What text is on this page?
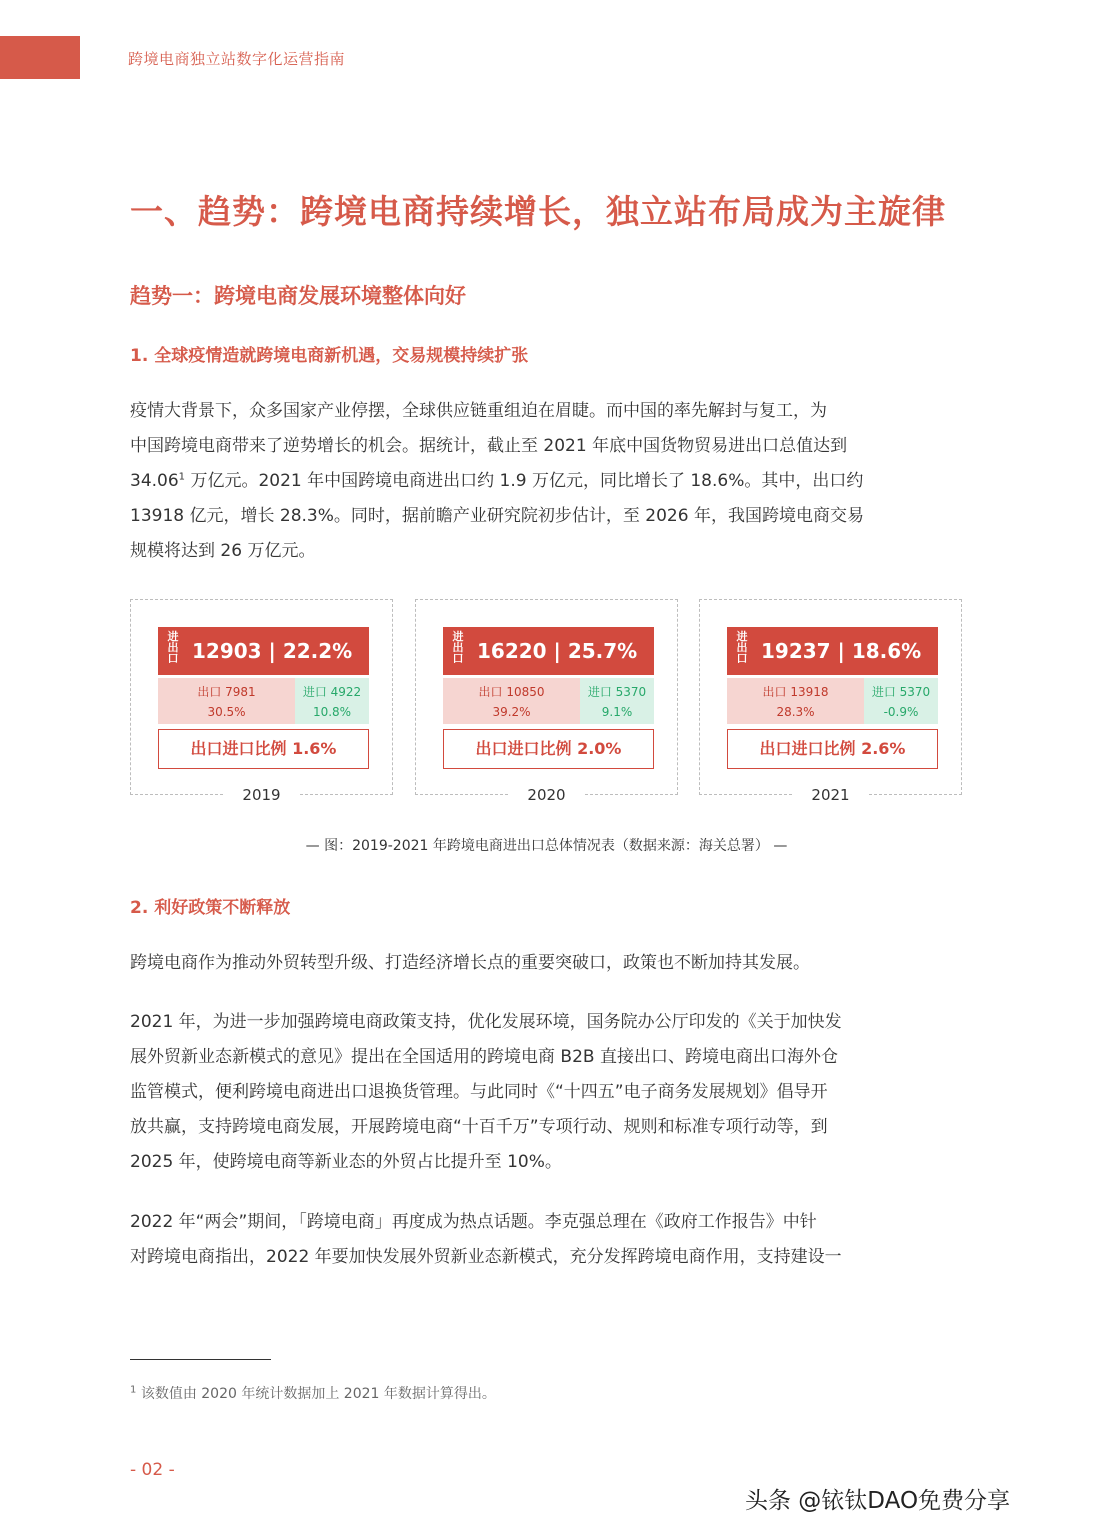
跨境电商独立站数字化运营指南
一、趋势：跨境电商持续增长，独立站布局成为主旋律
趋势一：跨境电商发展环境整体向好
1. 全球疫情造就跨境电商新机遇，交易规模持续扩张

疫情大背景下，众多国家产业停摆，全球供应链重组迫在眉睫。而中国的率先解封与复工，为
中国跨境电商带来了逆势增长的机会。据统计，截止至 2021 年底中国货物贸易进出口总值达到
34.06$^1$ 万亿元。2021 年中国跨境电商进出口约 1.9 万亿元，同比增长了 18.6%。其中，出口约
13918 亿元，增长 28.3%。同时，据前瞻产业研究院初步估计，至 2026 年，我国跨境电商交易
规模将达到 26 万亿元。

进出口 12903 | 22.2%
出口 7981
30.5%
进口 4922
10.8%
出口进口比例 1.6%
2019
进出口 16220 | 25.7%
出口 10850
39.2%
进口 5370
9.1%
出口进口比例 2.0%
2020
进出口 19237 | 18.6%
出口 13918
28.3%
进口 5370
-0.9%
出口进口比例 2.6%
2021
— 图：2019-2021 年跨境电商进出口总体情况表（数据来源：海关总署） —
2. 利好政策不断释放

跨境电商作为推动外贸转型升级、打造经济增长点的重要突破口，政策也不断加持其发展。

2021 年，为进一步加强跨境电商政策支持，优化发展环境，国务院办公厅印发的《关于加快发
展外贸新业态新模式的意见》提出在全国适用的跨境电商 B2B 直接出口、跨境电商出口海外仓
监管模式，便利跨境电商进出口退换货管理。与此同时《“十四五”电子商务发展规划》倡导开
放共赢，支持跨境电商发展，开展跨境电商“十百千万”专项行动、规则和标准专项行动等，到
2025 年，使跨境电商等新业态的外贸占比提升至 10%。

2022 年“两会”期间，「跨境电商」再度成为热点话题。李克强总理在《政府工作报告》中针
对跨境电商指出，2022 年要加快发展外贸新业态新模式，充分发挥跨境电商作用，支持建设一

$^1$ 该数值由 2020 年统计数据加上 2021 年数据计算得出。
- 02 -
头条 @铱钛DAO免费分享
